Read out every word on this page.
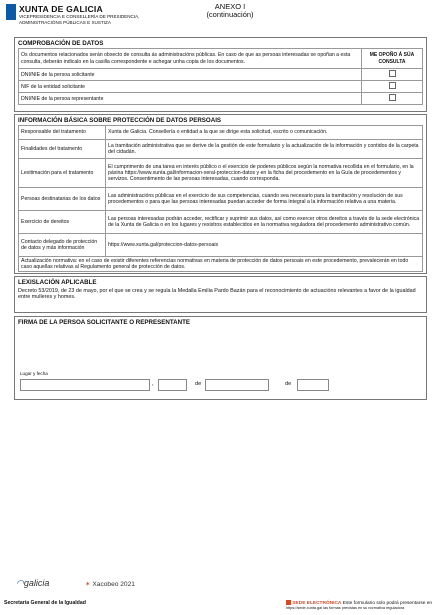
XUNTA DE GALICIA
VICEPRESIDENCIA E CONSELLERÍA DE PRESIDENCIA,
ADMINISTRACIÓNS PÚBLICAS E XUSTIZA
ANEXO I
(continuación)
COMPROBACIÓN DE DATOS
Os documentos relacionados serán obxecto de consulta ás administracións públicas. En caso de que as persoas interesadas se opoñan a esta consulta, deberán indicalo en la casilla correspondente e achegar unha copia de los documentos.	ME OPOÑO Á SÚA CONSULTA
DNI/NIE de la persoa solicitante	
NIF de la entidad solicitante	
DNI/NIE de la persoa representante	
INFORMACIÓN BÁSICA SOBRE PROTECCIÓN DE DATOS PERSOAIS
Responsable del tratamento	Xunta de Galicia. Consellería o entidad a la que se dirige esta solicitud, escrito o comunicación.
Finalidades del tratamento	La tramitación administrativa que se derive de la gestión de este formulario y la actualización de la información y contidos de la carpeta del cidadán.
Lexitimación para el tratamento	El cumprimento de una tarea en interés público o el exercicio de poderes públicos según la normativa recollida en el formulario, en la páxina https://www.xunta.gal/informacion-xeral-proteccion-datos y en la ficha del procedemento en la Guía de procedementos y servizos. Consentimento de las persoas interesadas, cuando corresponda.
Persoas destinatarias de los datos	Las administracións públicas en el exercicio de sus competencias, cuando sea necesario para la tramitación y resolución de sus procedementos o para que las persoas interesadas puedan acceder de forma íntegral a la información relativa a una materia.
Exercicio de dereitos	Las persoas interesadas podrán acceder, rectificar y suprimir sus datos, así como exercer otros dereitos a través de la sede electrónica de la Xunta de Galicia o en los lugares y rexistros establecidos en la normativa reguladora del procedemento administrativo común.
Contacto delegado de protección de datos y más información	https://www.xunta.gal/proteccion-datos-persoais
Actualización normativa: en el caso de existir diferentes referencias normativas en materia de protección de datos persoais en este procedemento, prevalecerán en todo caso aquellas relativas al Regulamento general de protección de datos.	
LEXISLACIÓN APLICABLE
Decreto 53/2019, de 23 de mayo, por el que se crea y se regula la Medalla Emilia Pardo Bazán para el reconocimiento de actuacións relevantes a favor de la igualdad entre mulleres y homes.
FIRMA DE LA PERSOA SOLICITANTE O REPRESENTANTE
Lugar y fecha
,	de	de
◠galicia	✶ Xacobeo 2021
Secretaría General de la Igualdad	SEDE ELECTRÓNICA Este formulario solo podrá presentarse en
https://sede.xunta.gal las formas previstas en su normativa reguladora
